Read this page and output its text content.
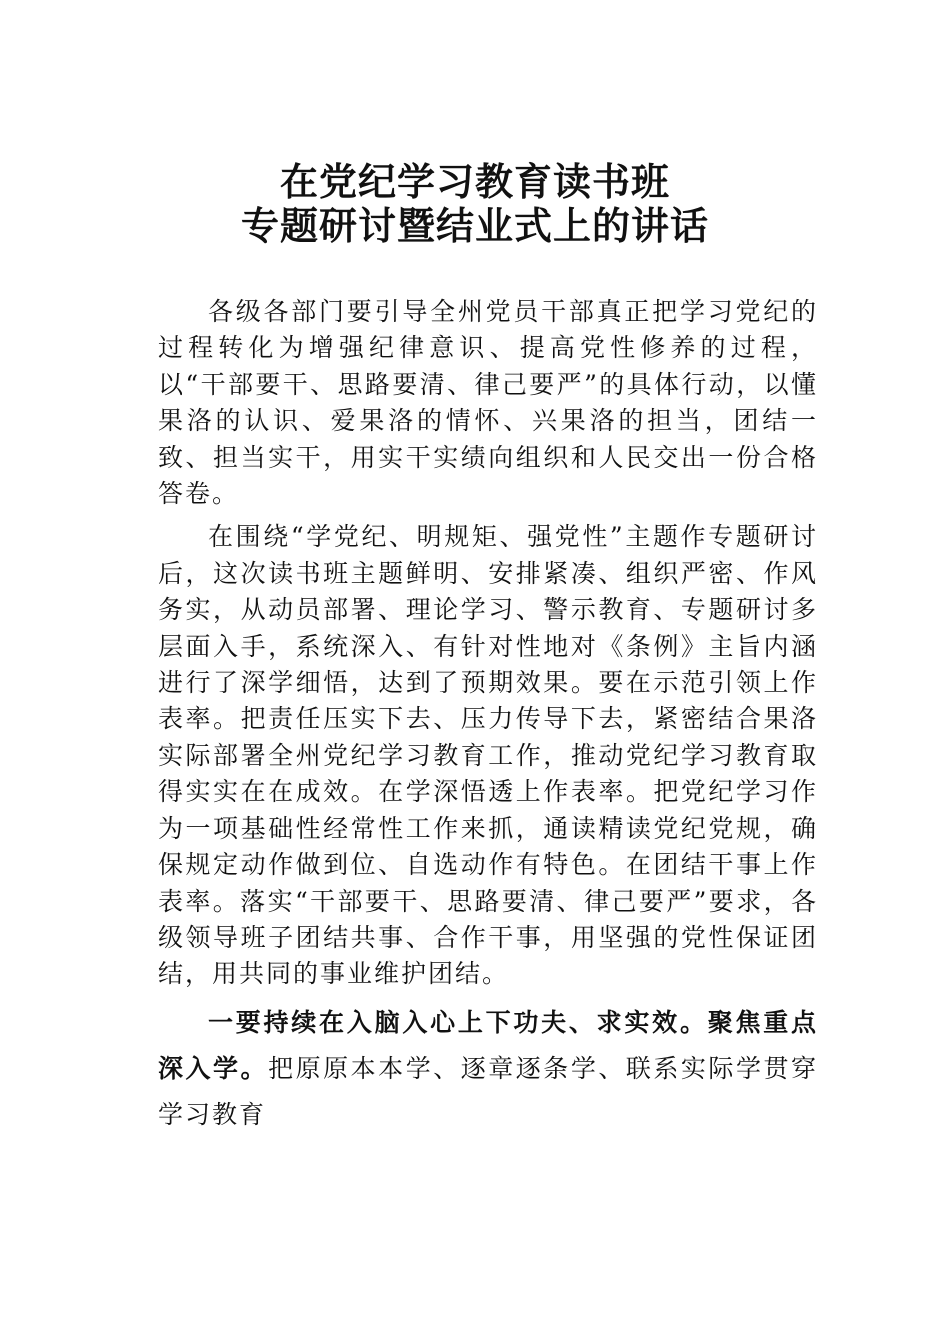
在党纪学习教育读书班
专题研讨暨结业式上的讲话

各级各部门要引导全州党员干部真正把学习党纪的过程转化为增强纪律意识、提高党性修养的过程，以“干部要干、思路要清、律己要严”的具体行动，以懂果洛的认识、爱果洛的情怀、兴果洛的担当，团结一致、担当实干，用实干实绩向组织和人民交出一份合格答卷。

在围绕“学党纪、明规矩、强党性”主题作专题研讨后，这次读书班主题鲜明、安排紧凑、组织严密、作风务实，从动员部署、理论学习、警示教育、专题研讨多层面入手，系统深入、有针对性地对《条例》主旨内涵进行了深学细悟，达到了预期效果。要在示范引领上作表率。把责任压实下去、压力传导下去，紧密结合果洛实际部署全州党纪学习教育工作，推动党纪学习教育取得实实在在成效。在学深悟透上作表率。把党纪学习作为一项基础性经常性工作来抓，通读精读党纪党规，确保规定动作做到位、自选动作有特色。在团结干事上作表率。落实“干部要干、思路要清、律己要严”要求，各级领导班子团结共事、合作干事，用坚强的党性保证团结，用共同的事业维护团结。

一要持续在入脑入心上下功夫、求实效。聚焦重点深入学。把原原本本学、逐章逐条学、联系实际学贯穿学习教育
